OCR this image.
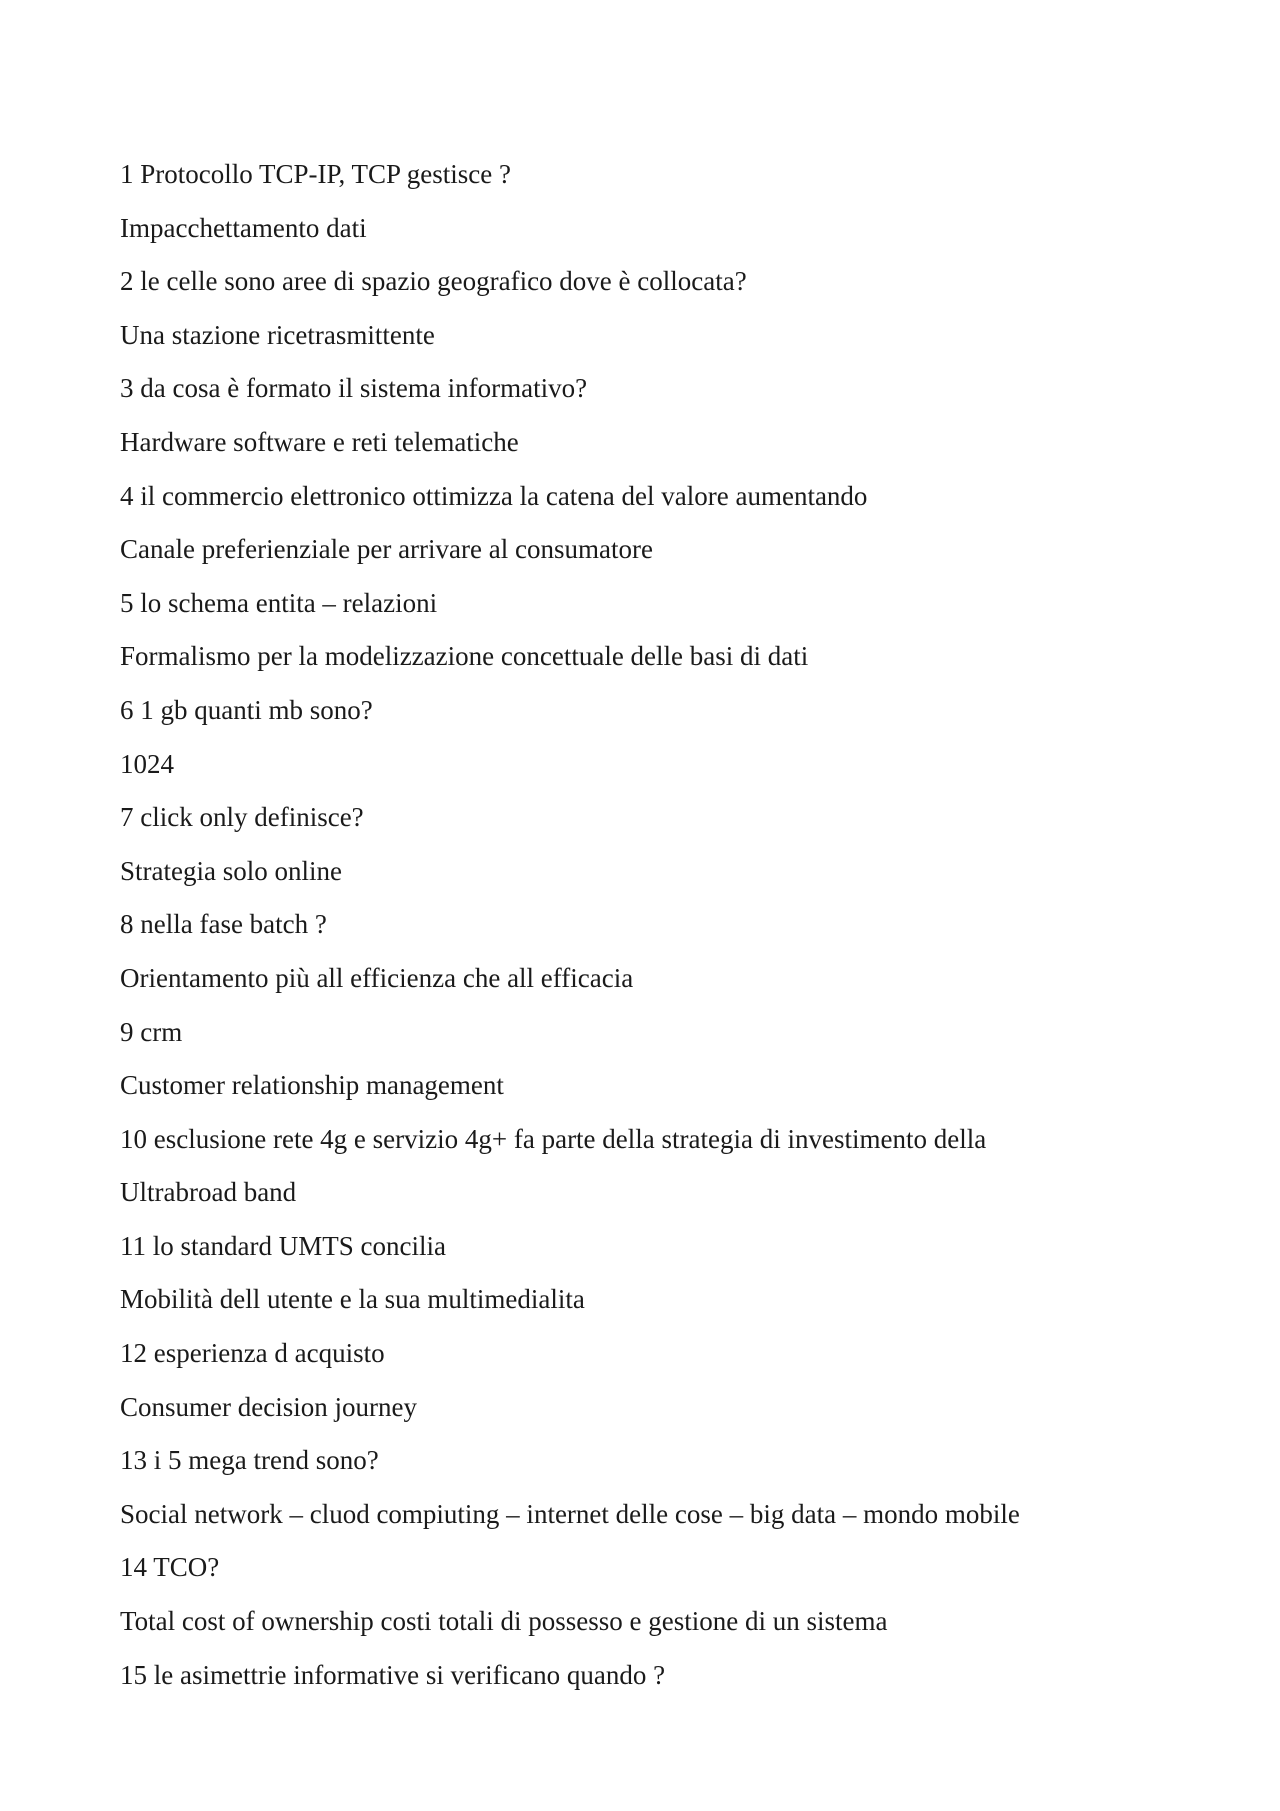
1 Protocollo TCP-IP, TCP gestisce ?

Impacchettamento dati

2 le celle sono aree di spazio geografico dove è collocata?

Una stazione ricetrasmittente

3 da cosa è formato il sistema informativo?

Hardware software e reti telematiche

4 il commercio elettronico ottimizza la catena del valore aumentando

Canale preferienziale per arrivare al consumatore

5 lo schema entita – relazioni

Formalismo per la modelizzazione concettuale delle basi di dati

6 1 gb quanti mb sono?

1024

7 click only definisce?

Strategia solo online

8 nella fase batch ?

Orientamento più all efficienza che all efficacia

9 crm

Customer relationship management

10 esclusione rete 4g e servizio 4g+ fa parte della strategia di investimento della

Ultrabroad band

11 lo standard UMTS concilia

Mobilità dell utente e la sua multimedialita

12 esperienza d acquisto

Consumer decision journey

13 i 5 mega trend sono?

Social network – cluod compiuting – internet delle cose – big data – mondo mobile

14 TCO?

Total cost of ownership costi totali di possesso e gestione di un sistema

15 le asimettrie informative si verificano quando ?
